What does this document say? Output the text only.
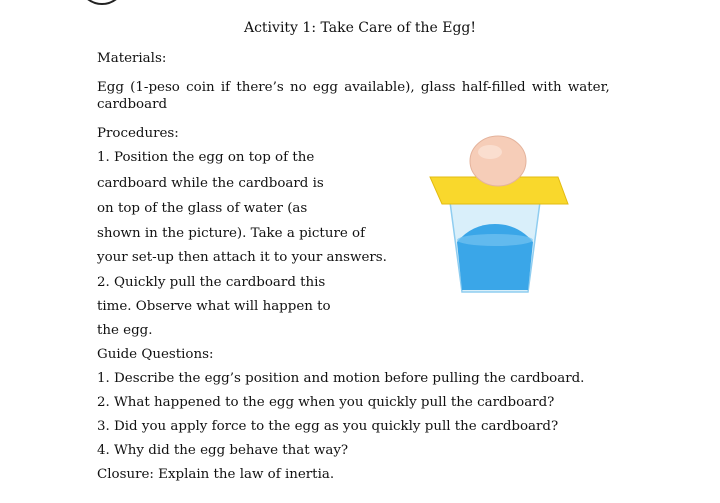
Activity 1: Take Care of the Egg!
Materials:
Egg (1-peso coin if there’s no egg available), glass half-filled with water,
cardboard
Procedures:
1. Position the egg on top of the
cardboard while the cardboard is
on top of the glass of water (as
shown in the picture). Take a picture of
your set-up then attach it to your answers.
2. Quickly pull the cardboard this
time. Observe what will happen to
the egg.
Guide Questions:
1. Describe the egg’s position and motion before pulling the cardboard.
2. What happened to the egg when you quickly pull the cardboard?
3. Did you apply force to the egg as you quickly pull the cardboard?
4. Why did the egg behave that way?
Closure: Explain the law of inertia.
